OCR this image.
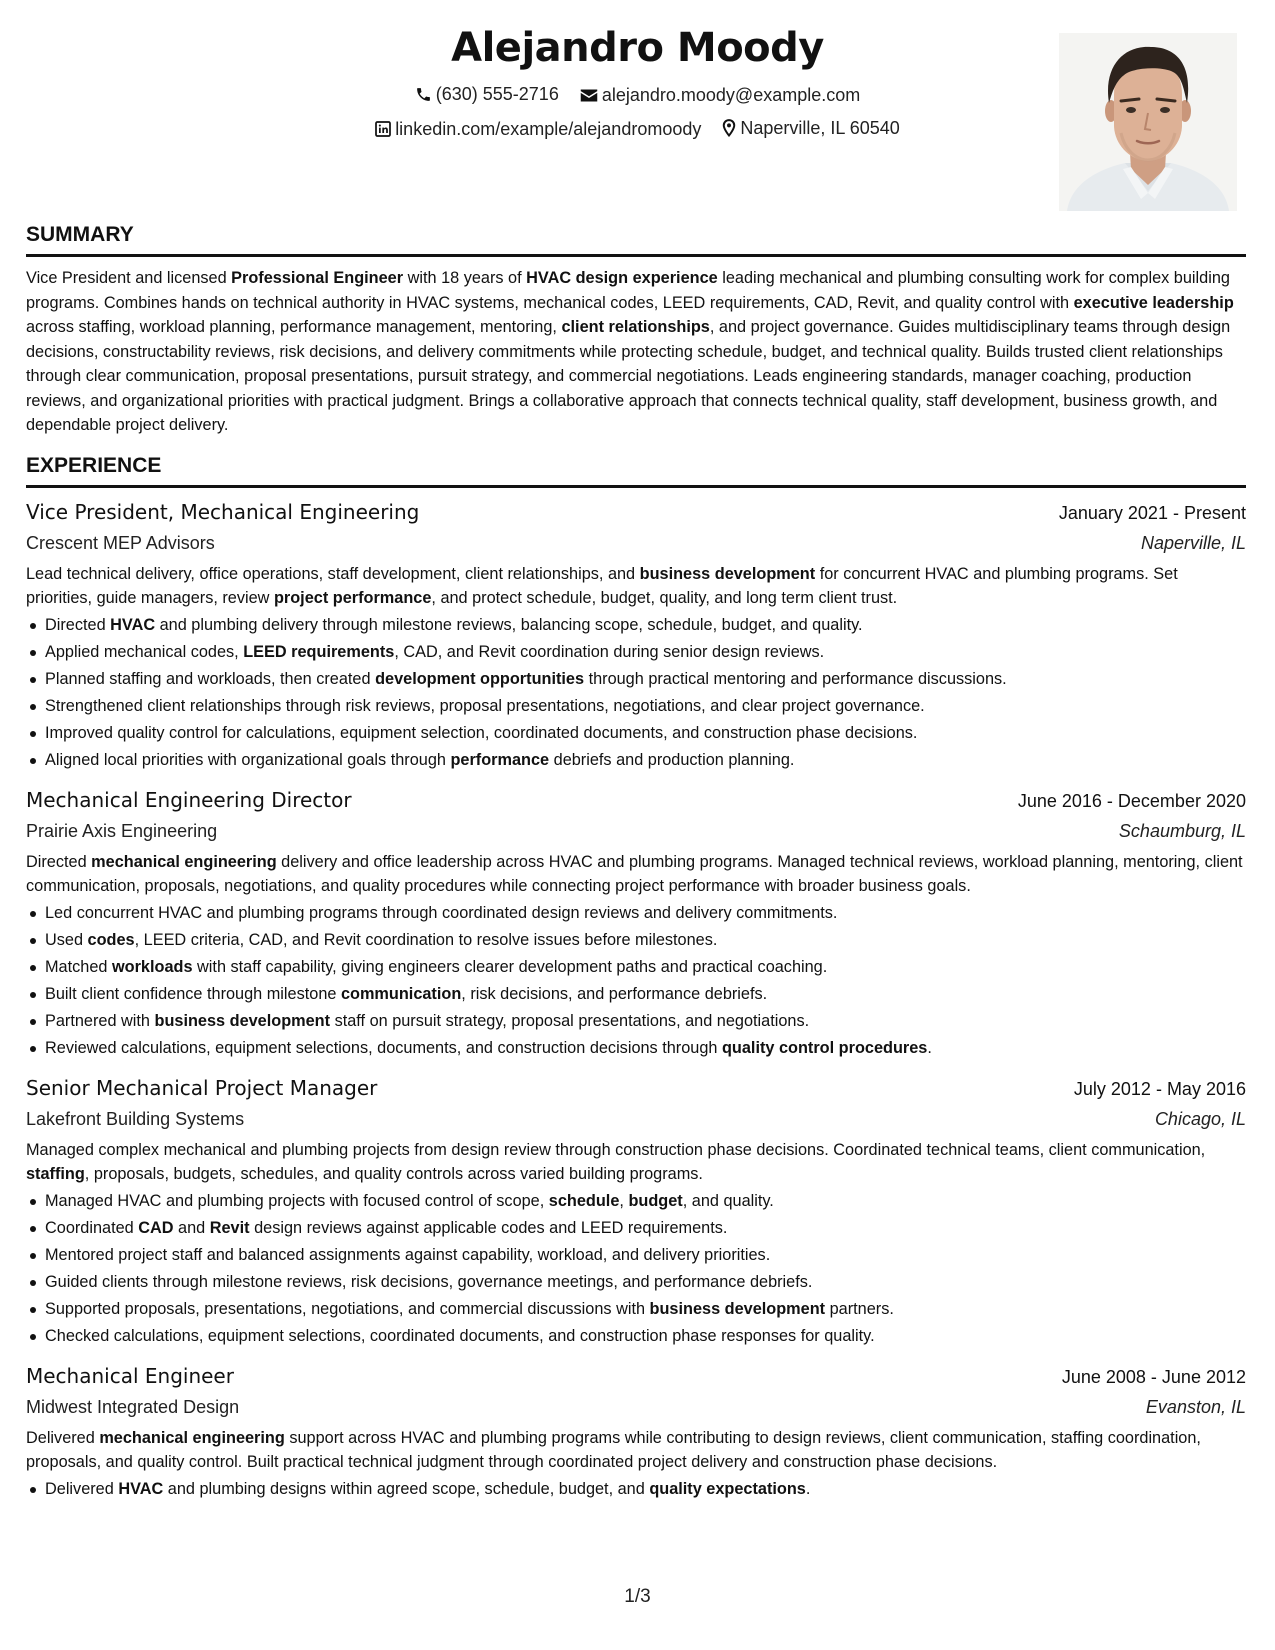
Alejandro Moody
(630) 555-2716
alejandro.moody@example.com
linkedin.com/example/alejandromoody
Naperville, IL 60540
SUMMARY

Vice President and licensed Professional Engineer with 18 years of HVAC design experience leading mechanical and plumbing consulting work for complex building programs. Combines hands on technical authority in HVAC systems, mechanical codes, LEED requirements, CAD, Revit, and quality control with executive leadership across staffing, workload planning, performance management, mentoring, client relationships, and project governance. Guides multidisciplinary teams through design decisions, constructability reviews, risk decisions, and delivery commitments while protecting schedule, budget, and technical quality. Builds trusted client relationships through clear communication, proposal presentations, pursuit strategy, and commercial negotiations. Leads engineering standards, manager coaching, production reviews, and organizational priorities with practical judgment. Brings a collaborative approach that connects technical quality, staff development, business growth, and dependable project delivery.

EXPERIENCE
Vice President, Mechanical Engineering	January 2021 - Present
Crescent MEP Advisors	Naperville, IL

Lead technical delivery, office operations, staff development, client relationships, and business development for concurrent HVAC and plumbing programs. Set priorities, guide managers, review project performance, and protect schedule, budget, quality, and long term client trust.

Directed HVAC and plumbing delivery through milestone reviews, balancing scope, schedule, budget, and quality.
Applied mechanical codes, LEED requirements, CAD, and Revit coordination during senior design reviews.
Planned staffing and workloads, then created development opportunities through practical mentoring and performance discussions.
Strengthened client relationships through risk reviews, proposal presentations, negotiations, and clear project governance.
Improved quality control for calculations, equipment selection, coordinated documents, and construction phase decisions.
Aligned local priorities with organizational goals through performance debriefs and production planning.
Mechanical Engineering Director	June 2016 - December 2020
Prairie Axis Engineering	Schaumburg, IL

Directed mechanical engineering delivery and office leadership across HVAC and plumbing programs. Managed technical reviews, workload planning, mentoring, client communication, proposals, negotiations, and quality procedures while connecting project performance with broader business goals.

Led concurrent HVAC and plumbing programs through coordinated design reviews and delivery commitments.
Used codes, LEED criteria, CAD, and Revit coordination to resolve issues before milestones.
Matched workloads with staff capability, giving engineers clearer development paths and practical coaching.
Built client confidence through milestone communication, risk decisions, and performance debriefs.
Partnered with business development staff on pursuit strategy, proposal presentations, and negotiations.
Reviewed calculations, equipment selections, documents, and construction decisions through quality control procedures.
Senior Mechanical Project Manager	July 2012 - May 2016
Lakefront Building Systems	Chicago, IL

Managed complex mechanical and plumbing projects from design review through construction phase decisions. Coordinated technical teams, client communication, staffing, proposals, budgets, schedules, and quality controls across varied building programs.

Managed HVAC and plumbing projects with focused control of scope, schedule, budget, and quality.
Coordinated CAD and Revit design reviews against applicable codes and LEED requirements.
Mentored project staff and balanced assignments against capability, workload, and delivery priorities.
Guided clients through milestone reviews, risk decisions, governance meetings, and performance debriefs.
Supported proposals, presentations, negotiations, and commercial discussions with business development partners.
Checked calculations, equipment selections, coordinated documents, and construction phase responses for quality.
Mechanical Engineer	June 2008 - June 2012
Midwest Integrated Design	Evanston, IL

Delivered mechanical engineering support across HVAC and plumbing programs while contributing to design reviews, client communication, staffing coordination, proposals, and quality control. Built practical technical judgment through coordinated project delivery and construction phase decisions.

Delivered HVAC and plumbing designs within agreed scope, schedule, budget, and quality expectations.
1/3
